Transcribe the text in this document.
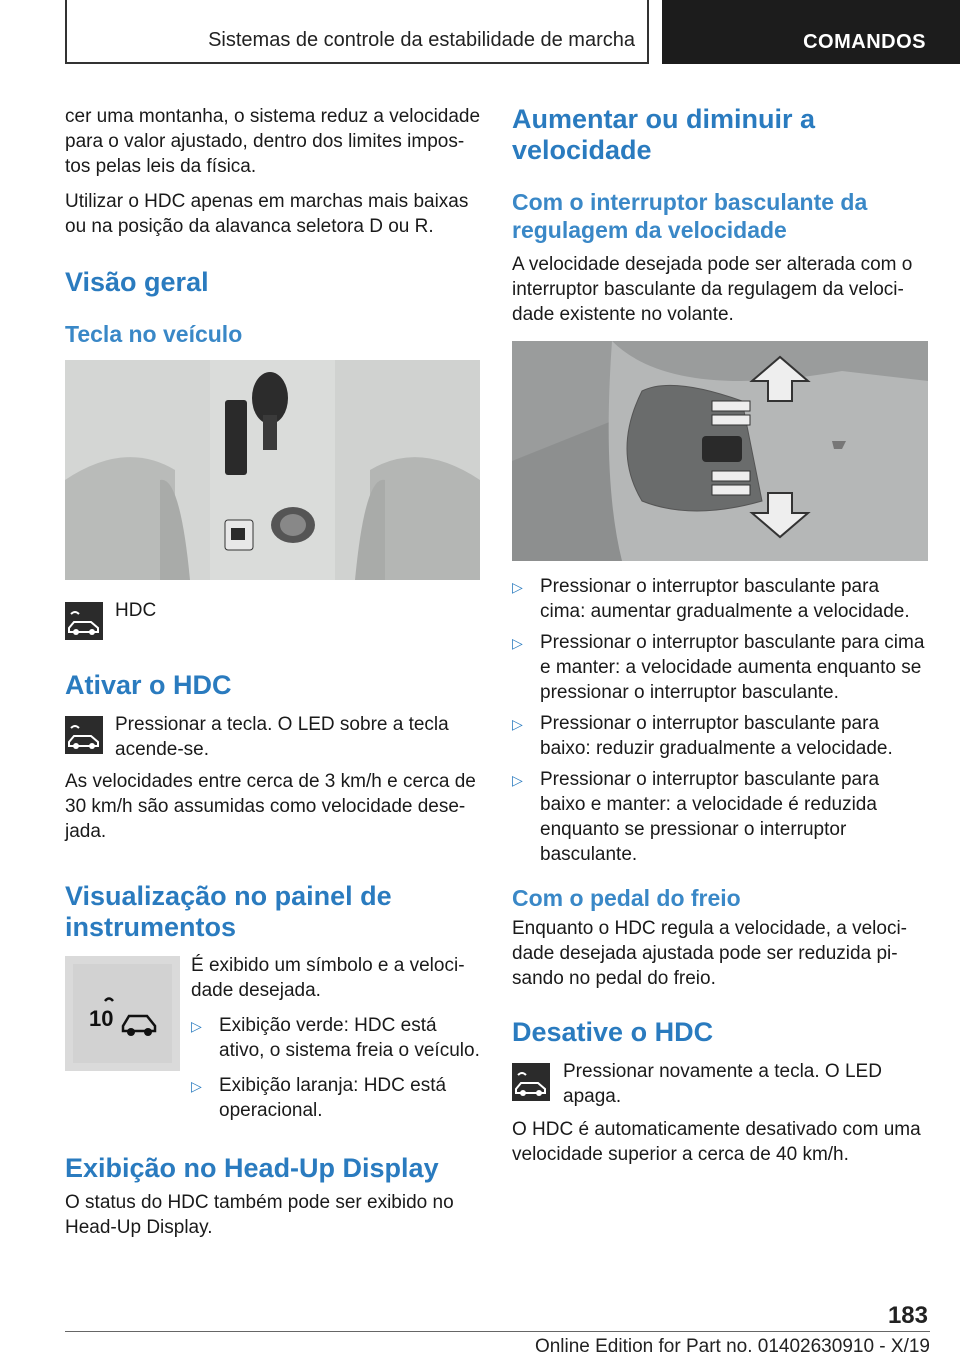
Sistemas de controle da estabilidade de marcha	COMANDOS

cer uma montanha, o sistema reduz a velocidade para o valor ajustado, dentro dos limites impos-tos pelas leis da física.

Utilizar o HDC apenas em marchas mais baixas ou na posição da alavanca seletora D ou R.

Visão geral

Tecla no veículo

HDC

Ativar o HDC

Pressionar a tecla. O LED sobre a tecla acende-se.

As velocidades entre cerca de 3 km/h e cerca de 30 km/h são assumidas como velocidade dese-jada.

Visualização no painel de instrumentos

10

É exibido um símbolo e a veloci-dade desejada.

▷ Exibição verde: HDC está ativo, o sistema freia o veículo.
▷ Exibição laranja: HDC está operacional.

Exibição no Head-Up Display

O status do HDC também pode ser exibido no Head-Up Display.

Aumentar ou diminuir a velocidade

Com o interruptor basculante da regulagem da velocidade

A velocidade desejada pode ser alterada com o interruptor basculante da regulagem da veloci-dade existente no volante.

▷ Pressionar o interruptor basculante para cima: aumentar gradualmente a velocidade.
▷ Pressionar o interruptor basculante para cima e manter: a velocidade aumenta enquanto se pressionar o interruptor basculante.
▷ Pressionar o interruptor basculante para baixo: reduzir gradualmente a velocidade.
▷ Pressionar o interruptor basculante para baixo e manter: a velocidade é reduzida enquanto se pressionar o interruptor basculante.

Com o pedal do freio

Enquanto o HDC regula a velocidade, a veloci-dade desejada ajustada pode ser reduzida pi-sando no pedal do freio.

Desative o HDC

Pressionar novamente a tecla. O LED apaga.

O HDC é automaticamente desativado com uma velocidade superior a cerca de 40 km/h.

183
Online Edition for Part no. 01402630910 - X/19
